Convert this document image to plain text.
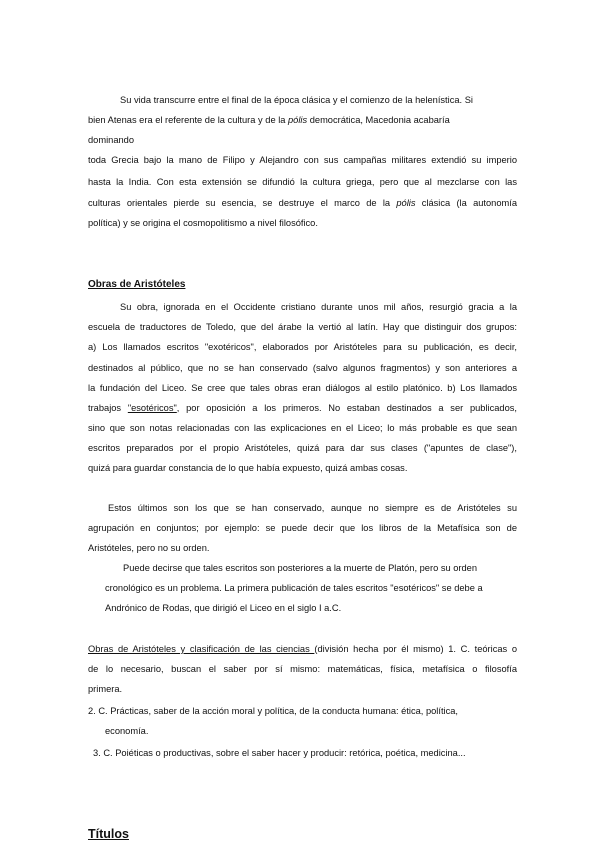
Su vida transcurre entre el final de la época clásica y el comienzo de la helenística. Si
bien Atenas era el referente de la cultura y de la pólis democrática, Macedonia acabaría
dominando
toda Grecia bajo la mano de Filipo y Alejandro con sus campañas militares extendió su imperio
hasta la India. Con esta extensión se difundió la cultura griega, pero que al mezclarse con las
culturas orientales pierde su esencia, se destruye el marco de la pólis clásica (la autonomía
política) y se origina el cosmopolitismo a nivel filosófico.
Obras de Aristóteles
Su obra, ignorada en el Occidente cristiano durante unos mil años, resurgió gracia a la
escuela de traductores de Toledo, que del árabe la vertió al latín. Hay que distinguir dos grupos:
a) Los llamados escritos "exotéricos", elaborados por Aristóteles para su publicación, es decir,
destinados al público, que no se han conservado (salvo algunos fragmentos) y son anteriores a
la fundación del Liceo. Se cree que tales obras eran diálogos al estilo platónico. b) Los llamados
trabajos "esotéricos", por oposición a los primeros. No estaban destinados a ser publicados,
sino que son notas relacionadas con las explicaciones en el Liceo; lo más probable es que sean
escritos preparados por el propio Aristóteles, quizá para dar sus clases ("apuntes de clase"),
quizá para guardar constancia de lo que había expuesto, quizá ambas cosas.
Estos últimos son los que se han conservado, aunque no siempre es de Aristóteles su
agrupación en conjuntos; por ejemplo: se puede decir que los libros de la Metafísica son de
Aristóteles, pero no su orden.
Puede decirse que tales escritos son posteriores a la muerte de Platón, pero su orden
cronológico es un problema. La primera publicación de tales escritos "esotéricos" se debe a
Andrónico de Rodas, que dirigió el Liceo en el siglo I a.C.
Obras de Aristóteles y clasificación de las ciencias (división hecha por él mismo) 1. C. teóricas o
de lo necesario, buscan el saber por sí mismo: matemáticas, física, metafísica o filosofía
primera.
2. C. Prácticas, saber de la acción moral y política, de la conducta humana: ética, política,
economía.
3. C. Poiéticas o productivas, sobre el saber hacer y producir: retórica, poética, medicina...
Títulos
